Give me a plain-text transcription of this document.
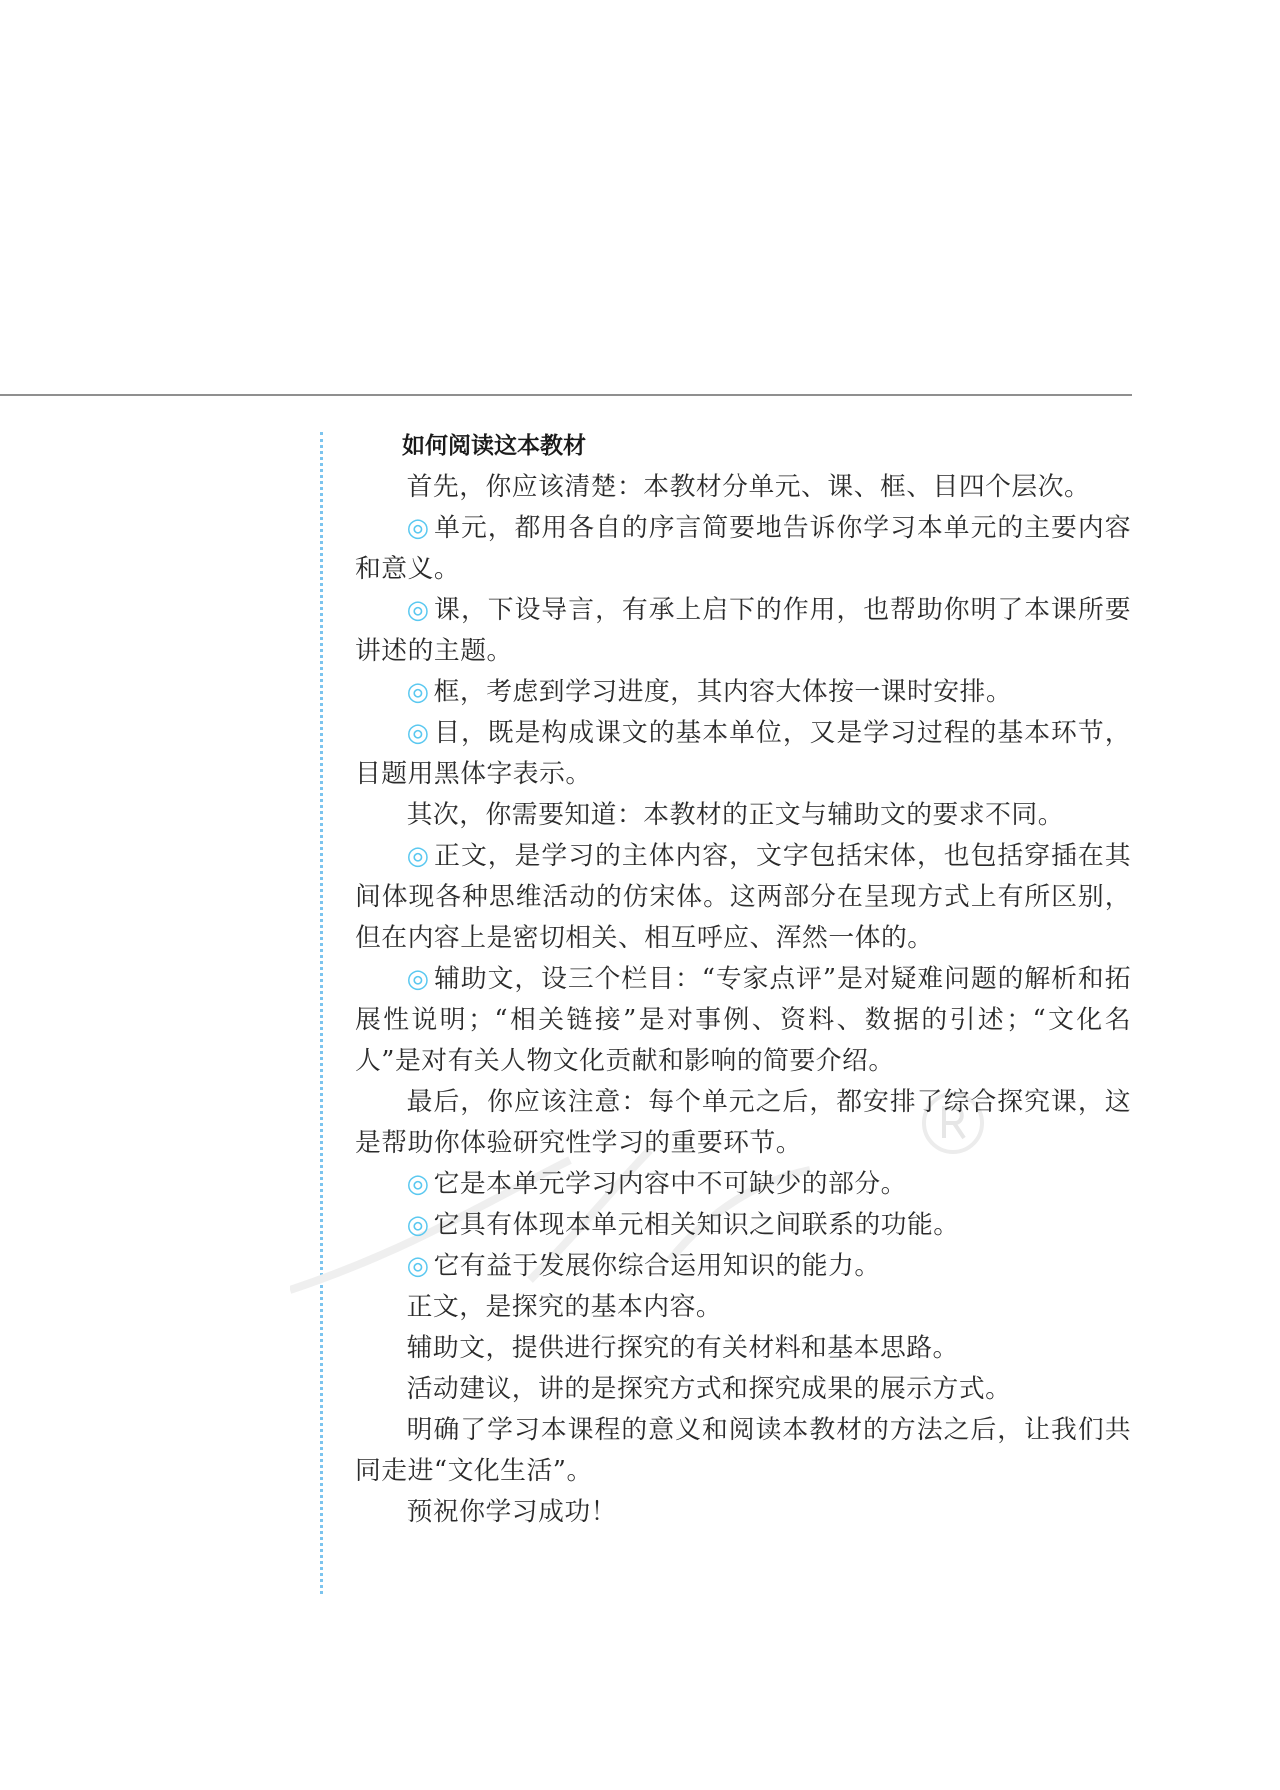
如何阅读这本教材

首先，你应该清楚：本教材分单元、课、框、目四个层次。

◎ 单元，都用各自的序言简要地告诉你学习本单元的主要内容和意义。

◎ 课，下设导言，有承上启下的作用，也帮助你明了本课所要讲述的主题。

◎ 框，考虑到学习进度，其内容大体按一课时安排。

◎ 目，既是构成课文的基本单位，又是学习过程的基本环节，目题用黑体字表示。

其次，你需要知道：本教材的正文与辅助文的要求不同。

◎ 正文，是学习的主体内容，文字包括宋体，也包括穿插在其间体现各种思维活动的仿宋体。这两部分在呈现方式上有所区别，但在内容上是密切相关、相互呼应、浑然一体的。

◎ 辅助文，设三个栏目：“专家点评”是对疑难问题的解析和拓展性说明；“相关链接”是对事例、资料、数据的引述；“文化名人”是对有关人物文化贡献和影响的简要介绍。

最后，你应该注意：每个单元之后，都安排了综合探究课，这是帮助你体验研究性学习的重要环节。

◎ 它是本单元学习内容中不可缺少的部分。

◎ 它具有体现本单元相关知识之间联系的功能。

◎ 它有益于发展你综合运用知识的能力。

正文，是探究的基本内容。

辅助文，提供进行探究的有关材料和基本思路。

活动建议，讲的是探究方式和探究成果的展示方式。

明确了学习本课程的意义和阅读本教材的方法之后，让我们共同走进“文化生活”。

预祝你学习成功！
